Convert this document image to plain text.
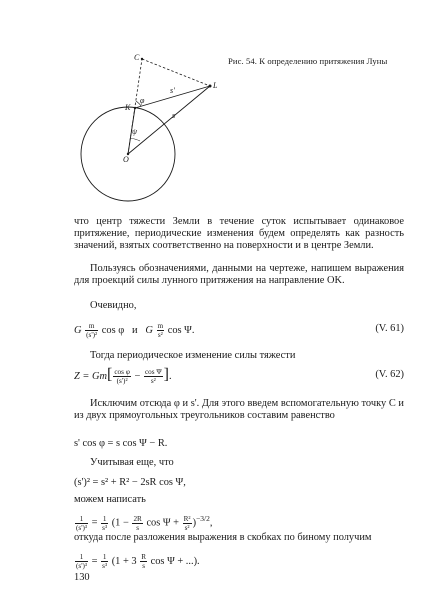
C
L
K
O
s'
s
φ
ψ
Рис. 54. К определению притяжения Луны
что центр тяжести Земли в течение суток испытывает одинаковое притяжение, периодические изменения будем определять как разность значений, взятых соответственно на поверхности и в центре Земли.
Пользуясь обозначениями, данными на чертеже, напишем выражения для проекций силы лунного притяжения на направление OK.
Очевидно,
G $\frac{m}{\text{(s')²}}$ cos φ и G $\frac{m}{\text{s²}}$ cos Ψ.	(V. 61)
Тогда периодическое изменение силы тяжести
$Z = Gm[ \frac{\text{cos φ}}{\text{(s')²}} - \frac{\text{cos Ψ}}{\text{s²}}$ ].	(V. 62)
Исключим отсюда φ и s'. Для этого введем вспомогательную точку C и из двух прямоугольных треугольников составим равенство
s' cos φ = s cos Ψ − R.
Учитывая еще, что
(s')² = s² + R² − 2sR cos Ψ,
можем написать
$\frac{1}{\text{(s')³}} = \frac{1}{\text{s³}} (1 - \frac{2R}{s}$ $\cos \Psi + \frac{\text{R²}}{\text{s²}} )^{-3/2}$,
откуда после разложения выражения в скобках по биному получим
$\frac{1}{\text{(s')³}} = \frac{1}{\text{s³}} (1 + 3 \frac{R}{s}$ cos Ψ + ...).
130
